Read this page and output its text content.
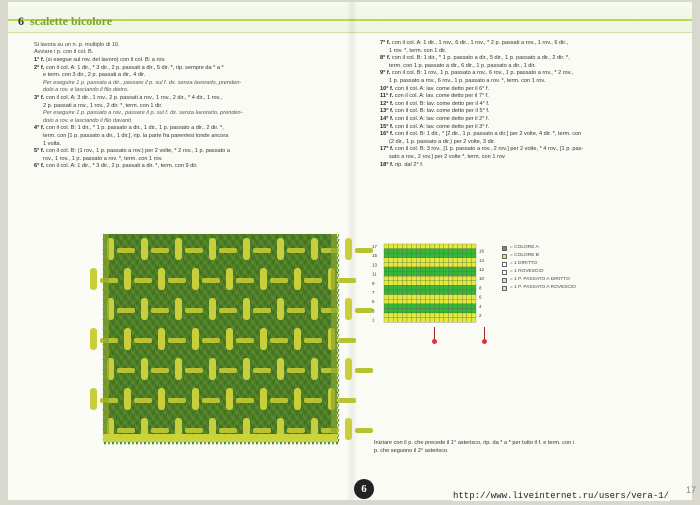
6 scalette bicolore
Si lavora su un n. p. multiplo di 10.
Avviare i p. con il col. B.

1° f. (si esegue sul rov. del lavoro) con il col. B: a rov.

2° f. con il col. A: 1 dir., * 3 dir., 2 p. passati a dir., 5 dir. *, rip. sempre da * a *

e term. con 3 dir., 2 p. passati a dir., 4 dir.

Per eseguire 1 p. passato a dir., passare il p. sul f. dx. senza lavorarlo, prenden-

dolo a rov. e lasciando il filo dietro.

3° f. con il col. A: 3 dir., 1 rov., 2 p. passati a rov., 1 rov., 2 dir., * 4 dir., 1 rov.,

2 p. passati a rov., 1 rov., 2 dir. *, term. con 1 dir.

Per eseguire 1 p. passato a rov., passare il p. sul f. dx. senza lavorarlo, prenden-

dolo a rov. e lasciando il filo davanti.

4° f. con il col. B: 1 dir., * 1 p. passato a dir., 1 dir., 1 p. passato a dir., 2 dir. *,

term. con [1 p. passato a dir., 1 dir.], rip. la parte fra parentesi tonde ancora

1 volta.

5° f. con il col. B: (1 rov., 1 p. passato a rov.) per 2 volte, * 2 rov., 1 p. passato a

rov., 1 rov., 1 p. passato a rov. *, term. con 1 rov.

6° f. con il col. A: 1 dir., * 3 dir., 2 p. passati a dir. *, term. con 9 dir.

7° f. con il col. A: 1 dir., 1 rov., 6 dir., 1 rov., * 2 p. passati a rov., 1 rov., 6 dir.,

1 rov. *, term. con 1 dir.

8° f. con il col. B: 1 dir., * 1 p. passato a dir., 5 dir., 1 p. passato a dir., 2 dir. *,

term. con 1 p. passato a dir., 6 dir., 1 p. passato a dir., 1 dir.

9° f. con il col. B: 1 rov., 1 p. passato a rov., 6 rov., 1 p. passato a rov., * 2 rov.,

1 p. passato a rov., 6 rov., 1 p. passato a rov. *, term. con 1 rov.

10° f. con il col. A: lav. come detto per il 6° f.

11° f. con il col. A: lav. come detto per il 7° f.

12° f. con il col. B: lav. come detto per il 4° f.

13° f. con il col. B: lav. come detto per il 5° f.

14° f. con il col. A: lav. come detto per il 2° f.

15° f. con il col. A: lav. come detto per il 3° f.

16° f. con il col. B: 1 dir., * [2 dir., 1 p. passato a dir.] per 2 volte, 4 dir. *, term. con

(2 dir., 1 p. passato a dir.) per 2 volte, 3 dir.

17° f. con il col. B: 3 rov., [1 p. passato a rov., 2 rov.] per 2 volte, * 4 rov., [1 p. pas-

sato a rov., 2 rov.] per 2 volte *, term. con 1 rov.

18° f. rip. dal 2° f.

17
15
13
11
9
7
5
3
1
16
14
12
10
8
6
4
2
= COLORE A
= COLORE B
= 1 DIRITTO
= 1 ROVESCIO
= 1 P. PASSATO A DIRITTO
= 1 P. PASSATO A ROVESCIO
Iniziare con il p. che precede il 1° asterisco, rip. da * a * per tutto il f. e term. con i
p. che seguono il 2° asterisco.
6	17
http://www.liveinternet.ru/users/vera-1/
